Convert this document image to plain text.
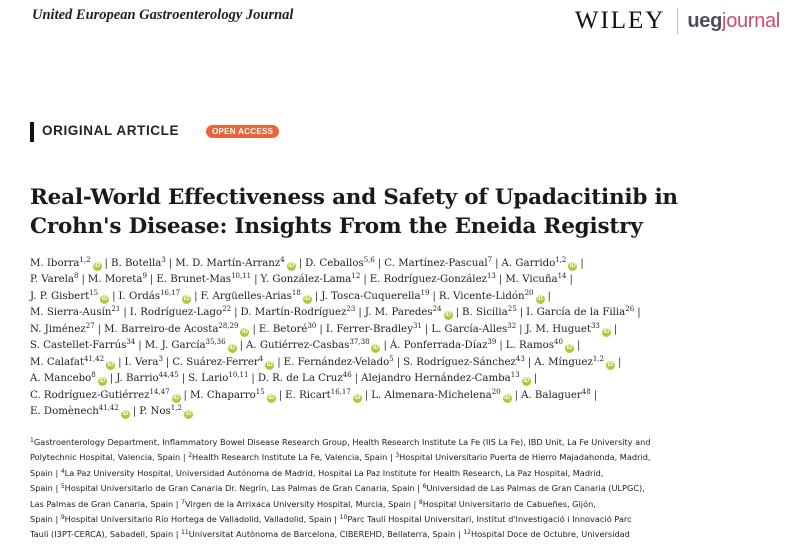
United European Gastroenterology Journal	WILEY uegjournal
ORIGINAL ARTICLE	OPEN ACCESS
Real-World Effectiveness and Safety of Upadacitinib in
Crohn's Disease: Insights From the Eneida Registry
M. Iborra$^{1,2}$iD | B. Botella$^3$ | M. D. Martín-Arranz$^4$iD | D. Ceballos$^{5,6}$ | C. Martínez-Pascual$^7$ | A. Garrido$^{1,2}$iD |
P. Varela$^8$ | M. Moreta$^9$ | E. Brunet-Mas$^{10,11}$ | Y. González-Lama$^{12}$ | E. Rodríguez-González$^{13}$ | M. Vicuña$^{14}$ |
J. P. Gisbert$^{15}$iD | I. Ordás$^{16,17}$iD | F. Argüelles-Arias$^{18}$iD | J. Tosca-Cuquerella$^{19}$ | R. Vicente-Lidón$^{20}$iD |
M. Sierra-Ausín$^{21}$ | I. Rodríguez-Lago$^{22}$ | D. Martín-Rodríguez$^{23}$ | J. M. Paredes$^{24}$iD | B. Sicilia$^{25}$ | I. García de la Filia$^{26}$ |
N. Jiménez$^{27}$ | M. Barreiro-de Acosta$^{28,29}$iD | E. Betoré$^{30}$ | I. Ferrer-Bradley$^{31}$ | L. García-Alles$^{32}$ | J. M. Huguet$^{33}$iD |
S. Castellet-Farrús$^{34}$ | M. J. García$^{35,36}$iD | A. Gutiérrez-Casbas$^{37,38}$iD | Á. Ponferrada-Díaz$^{39}$ | L. Ramos$^{40}$iD |
M. Calafat$^{41,42}$iD | I. Vera$^3$ | C. Suárez-Ferrer$^4$iD | E. Fernández-Velado$^5$ | S. Rodríguez-Sánchez$^{43}$ | A. Mínguez$^{1,2}$iD |
A. Mancebo$^8$iD | J. Barrio$^{44,45}$ | S. Lario$^{10,11}$ | D. R. de La Cruz$^{46}$ | Alejandro Hernández-Camba$^{13}$iD |
C. Rodríguez-Gutiérrez$^{14,47}$iD | M. Chaparro$^{15}$iD | E. Ricart$^{16,17}$iD | L. Almenara-Michelena$^{20}$iD | A. Balaguer$^{48}$ |
E. Domènech$^{41,42}$iD | P. Nos$^{1,2}$iD
$^1$Gastroenterology Department, Inflammatory Bowel Disease Research Group, Health Research Institute La Fe (IIS La Fe), IBD Unit, La Fe University and
Polytechnic Hospital, Valencia, Spain | $^2$Health Research Institute La Fe, Valencia, Spain | $^3$Hospital Universitario Puerta de Hierro Majadahonda, Madrid,
Spain | $^4$La Paz University Hospital, Universidad Autónoma de Madrid, Hospital La Paz Institute for Health Research, La Paz Hospital, Madrid,
Spain | $^5$Hospital Universitario de Gran Canaria Dr. Negrín, Las Palmas de Gran Canaria, Spain | $^6$Universidad de Las Palmas de Gran Canaria (ULPGC),
Las Palmas de Gran Canaria, Spain | $^7$Virgen de la Arrixaca University Hospital, Murcia, Spain | $^8$Hospital Universitario de Cabueñes, Gijón,
Spain | $^9$Hospital Universitario Río Hortega de Valladolid, Valladolid, Spain | $^{10}$Parc Taulí Hospital Universitari, Institut d'Investigació i Innovació Parc
Taulí (I3PT-CERCA), Sabadell, Spain | $^{11}$Universitat Autònoma de Barcelona, CIBEREHD, Bellaterra, Spain | $^{12}$Hospital Doce de Octubre, Universidad
